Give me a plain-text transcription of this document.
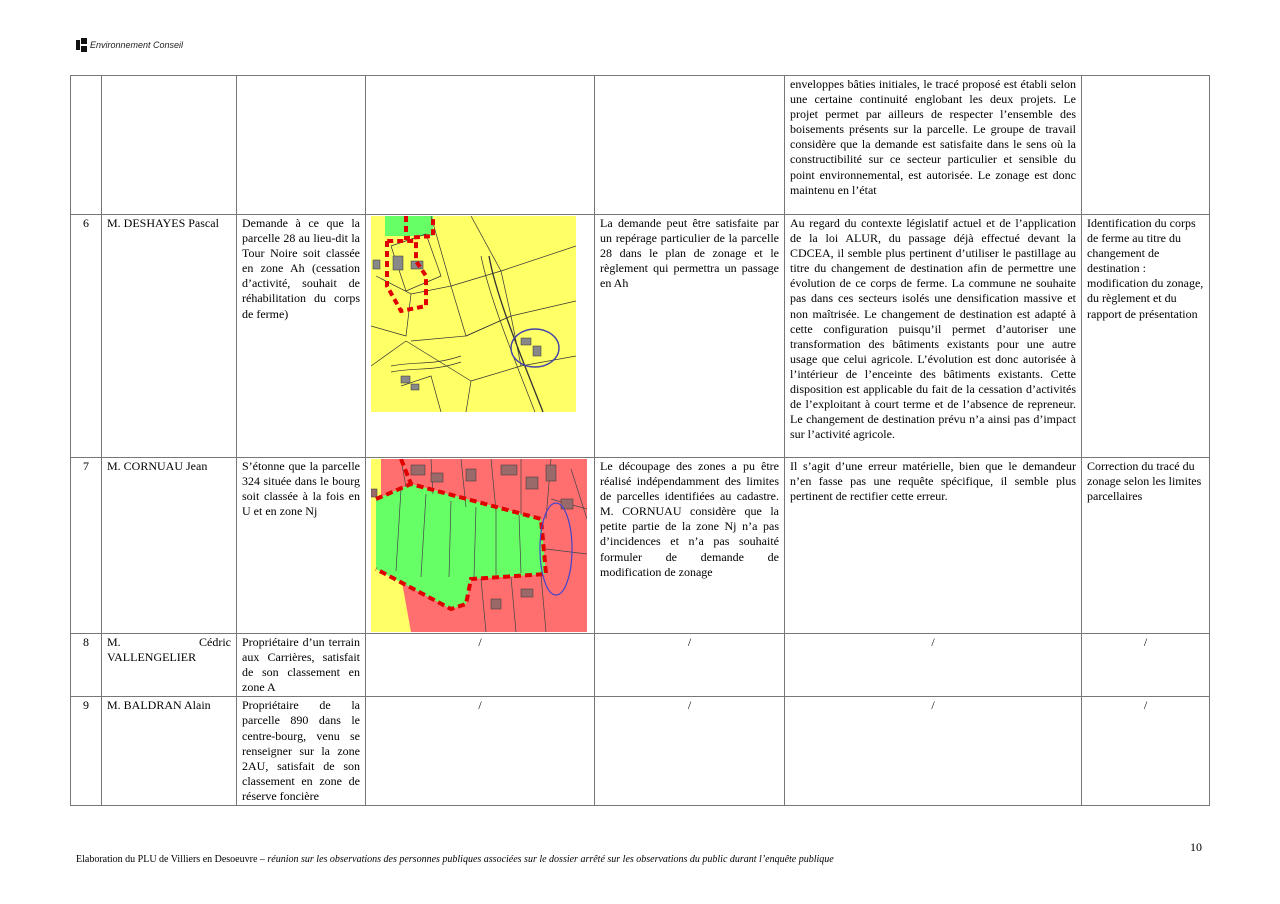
Environnement Conseil
					enveloppes bâties initiales, le tracé proposé est établi selon une certaine continuité englobant les deux projets. Le projet permet par ailleurs de respecter l’ensemble des boisements présents sur la parcelle. Le groupe de travail considère que la demande est satisfaite dans le sens où la constructibilité sur ce secteur particulier et sensible du point environnemental, est autorisée. Le zonage est donc maintenu en l’état	
6	M. DESHAYES Pascal	Demande à ce que la parcelle 28 au lieu-dit la Tour Noire soit classée en zone Ah (cessation d’activité, souhait de réhabilitation du corps de ferme)		La demande peut être satisfaite par un repérage particulier de la parcelle 28 dans le plan de zonage et le règlement qui permettra un passage en Ah	Au regard du contexte législatif actuel et de l’application de la loi ALUR, du passage déjà effectué devant la CDCEA, il semble plus pertinent d’utiliser le pastillage au titre du changement de destination afin de permettre une évolution de ce corps de ferme. La commune ne souhaite pas dans ces secteurs isolés une densification massive et non maîtrisée. Le changement de destination est adapté à cette configuration puisqu’il permet d’autoriser une transformation des bâtiments existants pour une autre usage que celui agricole. L’évolution est donc autorisée à l’intérieur de l’enceinte des bâtiments existants. Cette disposition est applicable du fait de la cessation d’activités de l’exploitant à court terme et de l’absence de repreneur. Le changement de destination prévu n’a ainsi pas d’impact sur l’activité agricole.	Identification du corps de ferme au titre du changement de destination : modification du zonage, du règlement et du rapport de présentation
7	M. CORNUAU Jean	S’étonne que la parcelle 324 située dans le bourg soit classée à la fois en U et en zone Nj		Le découpage des zones a pu être réalisé indépendamment des limites de parcelles identifiées au cadastre. M. CORNUAU considère que la petite partie de la zone Nj n’a pas d’incidences et n’a pas souhaité formuler de demande de modification de zonage	Il s’agit d’une erreur matérielle, bien que le demandeur n’en fasse pas une requête spécifique, il semble plus pertinent de rectifier cette erreur.	Correction du tracé du zonage selon les limites parcellaires
8	M. Cédric VALLENGELIER	Propriétaire d’un terrain aux Carrières, satisfait de son classement en zone A	/	/	/	/
9	M. BALDRAN Alain	Propriétaire de la parcelle 890 dans le centre-bourg, venu se renseigner sur la zone 2AU, satisfait de son classement en zone de réserve foncière	/	/	/	/
10
Elaboration du PLU de Villiers en Desoeuvre – réunion sur les observations des personnes publiques associées sur le dossier arrêté sur les observations du public durant l’enquête publique
